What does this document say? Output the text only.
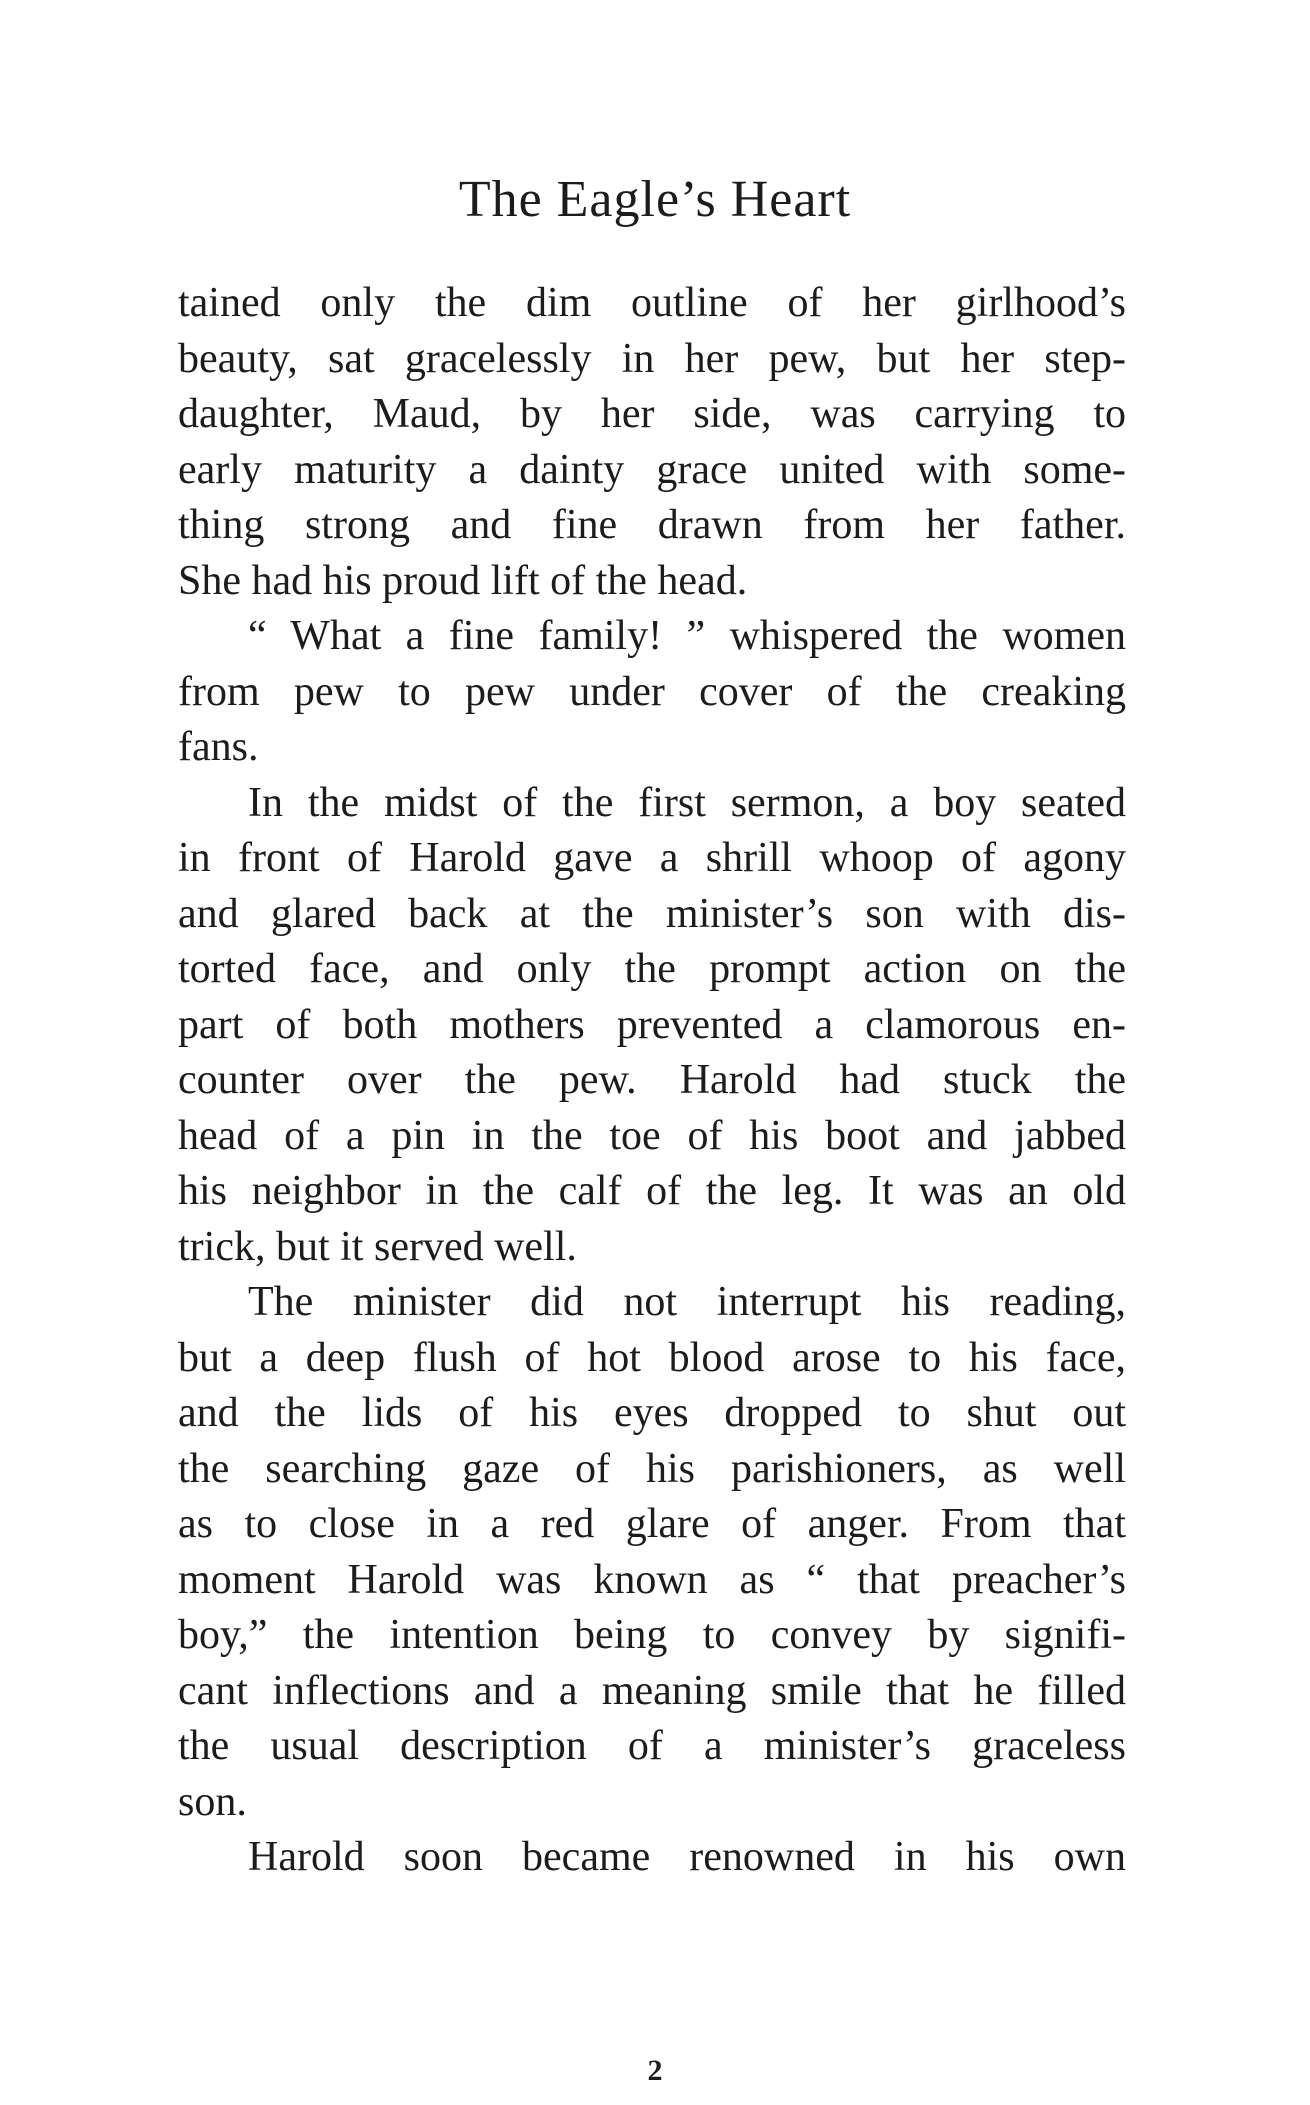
The Eagle’s Heart
tained only the dim outline of her girlhood’s
beauty, sat gracelessly in her pew, but her step-
daughter, Maud, by her side, was carrying to
early maturity a dainty grace united with some-
thing strong and fine drawn from her father.
She had his proud lift of the head.
“ What a fine family! ” whispered the women
from pew to pew under cover of the creaking
fans.
In the midst of the first sermon, a boy seated
in front of Harold gave a shrill whoop of agony
and glared back at the minister’s son with dis-
torted face, and only the prompt action on the
part of both mothers prevented a clamorous en-
counter over the pew. Harold had stuck the
head of a pin in the toe of his boot and jabbed
his neighbor in the calf of the leg. It was an old
trick, but it served well.
The minister did not interrupt his reading,
but a deep flush of hot blood arose to his face,
and the lids of his eyes dropped to shut out
the searching gaze of his parishioners, as well
as to close in a red glare of anger. From that
moment Harold was known as “ that preacher’s
boy,” the intention being to convey by signifi-
cant inflections and a meaning smile that he filled
the usual description of a minister’s graceless
son.
Harold soon became renowned in his own
2
